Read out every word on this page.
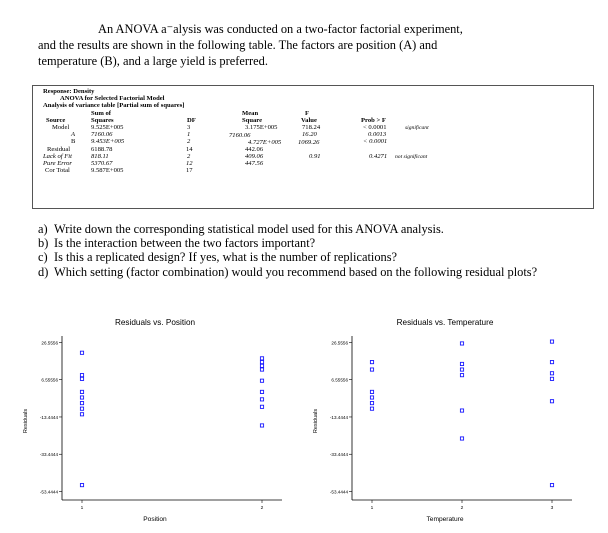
An ANOVA a⁻alysis was conducted on a two-factor factorial experiment,
and the results are shown in the following table. The factors are position (A) and
temperature (B), and a large yield is preferred.
Response: Density
ANOVA for Selected Factorial Model
Analysis of variance table [Partial sum of squares]
Sum of	Mean	F
Source	Squares	DF	Square	Value	Prob > F
Model	9.525E+005	3	3.175E+005	718.24	< 0.0001	significant
A 7160.06	1	7160.06	16.20	0.0013
B 9.453E+005	2	4.727E+005	1069.26	< 0.0001
Residual	6188.78	14	442.06
Lack of Fit	818.11	2	409.06	0.91	0.4271 not significant
Pure Error	5370.67	12	447.56
Cor Total	9.587E+005	17
a) Write down the corresponding statistical model used for this ANOVA analysis.
b) Is the interaction between the two factors important?
c) Is this a replicated design? If yes, what is the number of replications?
d) Which setting (factor combination) would you recommend based on the following residual plots?
Residuals vs. Position
Residuals
26.5556
6.55556
-13.4444
-33.4444
-53.4444
1	2
Position
Residuals vs. Temperature
Residuals
26.5556
6.55556
-13.4444
-33.4444
-53.4444
1	2	3
Temperature
